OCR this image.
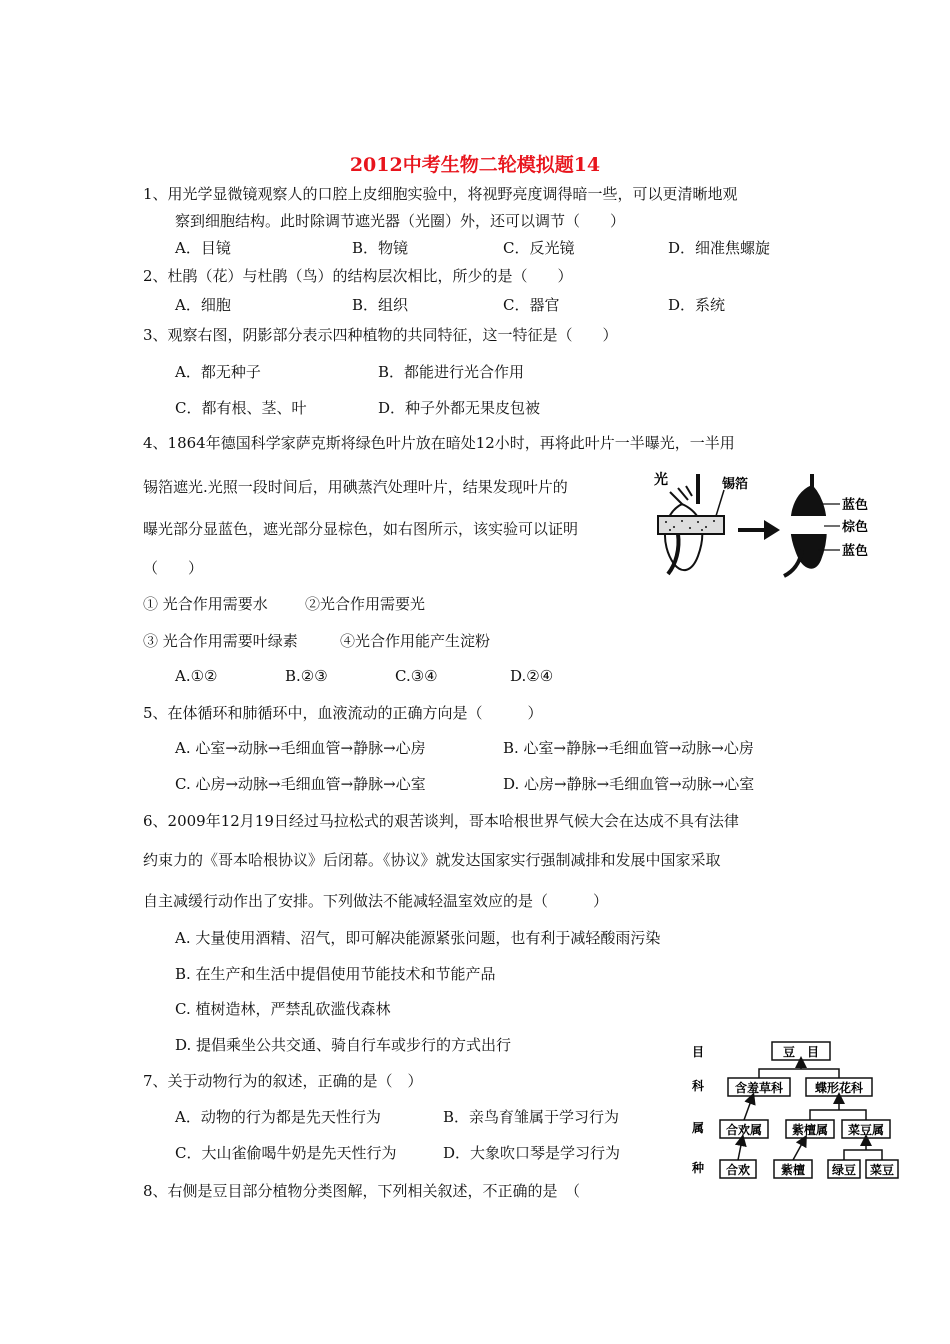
2012中考生物二轮模拟题14
1、用光学显微镜观察人的口腔上皮细胞实验中，将视野亮度调得暗一些，可以更清晰地观
察到细胞结构。此时除调节遮光器（光圈）外，还可以调节（　　）
A．目镜	B．物镜	C．反光镜	D．细准焦螺旋
2、杜鹃（花）与杜鹃（鸟）的结构层次相比，所少的是（　　）
A．细胞	B．组织	C．器官	D．系统
3、观察右图，阴影部分表示四种植物的共同特征，这一特征是（　　）
A．都无种子	B．都能进行光合作用
C．都有根、茎、叶	D．种子外都无果皮包被
4、1864年德国科学家萨克斯将绿色叶片放在暗处12小时，再将此叶片一半曝光，一半用
锡箔遮光.光照一段时间后，用碘蒸汽处理叶片，结果发现叶片的
曝光部分显蓝色，遮光部分显棕色，如右图所示，该实验可以证明
（　　）
① 光合作用需要水 ②光合作用需要光
③ 光合作用需要叶绿素	④光合作用能产生淀粉
A.①②	B.②③	C.③④	D.②④
光	锡箔
蓝色
棕色
蓝色
5、在体循环和肺循环中，血液流动的正确方向是（　　　）
A. 心室→动脉→毛细血管→静脉→心房	B. 心室→静脉→毛细血管→动脉→心房
C. 心房→动脉→毛细血管→静脉→心室	D. 心房→静脉→毛细血管→动脉→心室
6、2009年12月19日经过马拉松式的艰苦谈判，哥本哈根世界气候大会在达成不具有法律
约束力的《哥本哈根协议》后闭幕。《协议》就发达国家实行强制减排和发展中国家采取
自主减缓行动作出了安排。下列做法不能减轻温室效应的是（　　　）
A. 大量使用酒精、沼气，即可解决能源紧张问题，也有利于减轻酸雨污染
B. 在生产和生活中提倡使用节能技术和节能产品
C. 植树造林，严禁乱砍滥伐森林
D. 提倡乘坐公共交通、骑自行车或步行的方式出行
7、关于动物行为的叙述，正确的是（　）
A．动物的行为都是先天性行为	B．亲鸟育雏属于学习行为
C．大山雀偷喝牛奶是先天性行为	D．大象吹口琴是学习行为
8、右侧是豆目部分植物分类图解，下列相关叙述，不正确的是　（
目
科
属
种
豆　目
含羞草科	蝶形花科
合欢属 紫檀属 菜豆属
合欢	紫檀 绿豆 菜豆
